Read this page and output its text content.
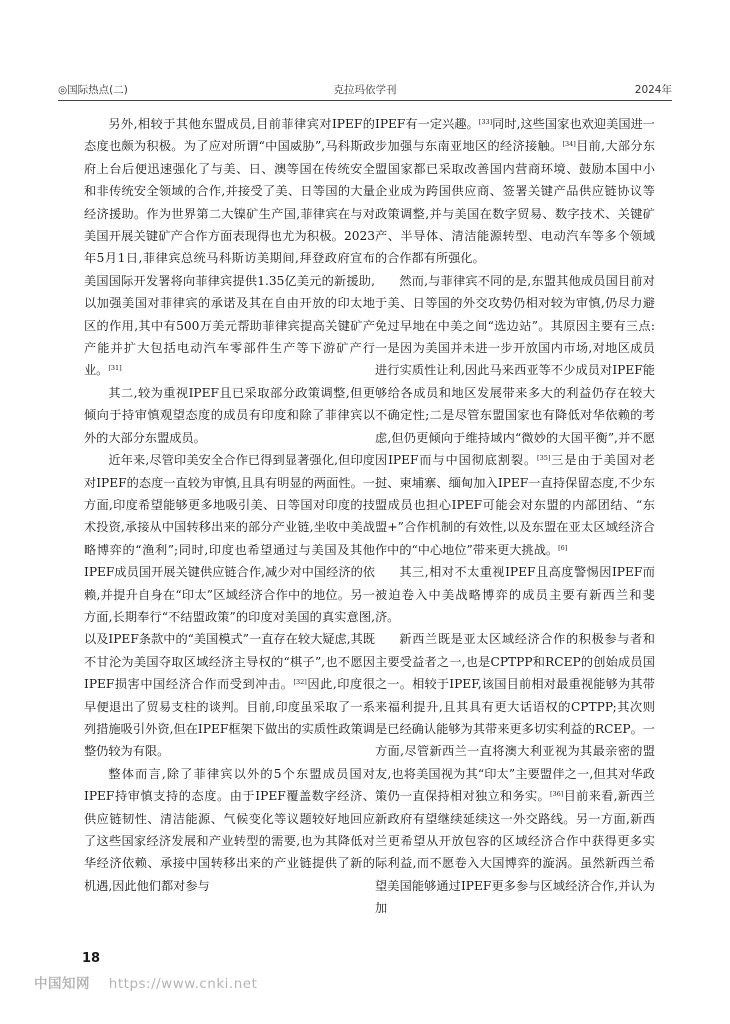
◎国际热点(二)	克拉玛依学刊	2024年

另外,相较于其他东盟成员,目前菲律宾对IPEF的态度也颇为积极。为了应对所谓“中国威胁”,马科斯政府上台后便迅速强化了与美、日、澳等国在传统安全和非传统安全领域的合作,并接受了美、日等国的大量经济援助。作为世界第二大镍矿生产国,菲律宾在与对美国开展关键矿产合作方面表现得也尤为积极。2023年5月1日,菲律宾总统马科斯访美期间,拜登政府宣布美国国际开发署将向菲律宾提供1.35亿美元的新援助,以加强美国对菲律宾的承诺及其在自由开放的印太地区的作用,其中有500万美元帮助菲律宾提高关键矿产产能并扩大包括电动汽车零部件生产等下游矿产行业。[31]

其二,较为重视IPEF且已采取部分政策调整,但更倾向于持审慎观望态度的成员有印度和除了菲律宾以外的大部分东盟成员。

近年来,尽管印美安全合作已得到显著强化,但印度对IPEF的态度一直较为审慎,且具有明显的两面性。一方面,印度希望能够更多地吸引美、日等国对印度的技术投资,承接从中国转移出来的部分产业链,坐收中美战略博弈的“渔利”;同时,印度也希望通过与美国及其他IPEF成员国开展关键供应链合作,减少对中国经济的依赖,并提升自身在“印太”区域经济合作中的地位。另一方面,长期奉行“不结盟政策”的印度对美国的真实意图,以及IPEF条款中的“美国模式”一直存在较大疑虑,其既不甘沦为美国夺取区域经济主导权的“棋子”,也不愿因IPEF损害中国经济合作而受到冲击。[32]因此,印度很早便退出了贸易支柱的谈判。目前,印度虽采取了一系列措施吸引外资,但在IPEF框架下做出的实质性政策调整仍较为有限。

整体而言,除了菲律宾以外的5个东盟成员国对IPEF持审慎支持的态度。由于IPEF覆盖数字经济、供应链韧性、清洁能源、气候变化等议题较好地回应了这些国家经济发展和产业转型的需要,也为其降低对华经济依赖、承接中国转移出来的产业链提供了新的机遇,因此他们都对参与

IPEF有一定兴趣。[33]同时,这些国家也欢迎美国进一步加强与东南亚地区的经济接触。[34]目前,大部分东盟国家都已采取改善国内营商环境、鼓励本国中小企业成为跨国供应商、签署关键产品供应链协议等政策调整,并与美国在数字贸易、数字技术、关键矿产、半导体、清洁能源转型、电动汽车等多个领域的合作都有所强化。

然而,与菲律宾不同的是,东盟其他成员国目前对于美、日等国的外交攻势仍相对较为审慎,仍尽力避免过早地在中美之间“选边站”。其原因主要有三点:一是因为美国并未进一步开放国内市场,对地区成员进行实质性让利,因此马来西亚等不少成员对IPEF能够给各成员和地区发展带来多大的利益仍存在较大不确定性;二是尽管东盟国家也有降低对华依赖的考虑,但仍更倾向于维持域内“微妙的大国平衡”,并不愿因IPEF而与中国彻底割裂。[35]三是由于美国对老挝、柬埔寨、缅甸加入IPEF一直持保留态度,不少东盟成员也担心IPEF可能会对东盟的内部团结、“东盟+”合作机制的有效性,以及东盟在亚太区域经济合作中的“中心地位”带来更大挑战。[6]

其三,相对不太重视IPEF且高度警惕因IPEF而被迫卷入中美战略博弈的成员主要有新西兰和斐济。

新西兰既是亚太区域经济合作的积极参与者和主要受益者之一,也是CPTPP和RCEP的创始成员国之一。相较于IPEF,该国目前相对最重视能够为其带来福利提升,且其具有更大话语权的CPTPP;其次则是已经确认能够为其带来更多切实利益的RCEP。一方面,尽管新西兰一直将澳大利亚视为其最亲密的盟友,也将美国视为其“印太”主要盟伴之一,但其对华政策仍一直保持相对独立和务实。[36]目前来看,新西兰新政府有望继续延续这一外交路线。另一方面,新西兰更希望从开放包容的区域经济合作中获得更多实际利益,而不愿卷入大国博弈的漩涡。虽然新西兰希望美国能够通过IPEF更多参与区域经济合作,并认为加

18
中国知网 https://www.cnki.net
